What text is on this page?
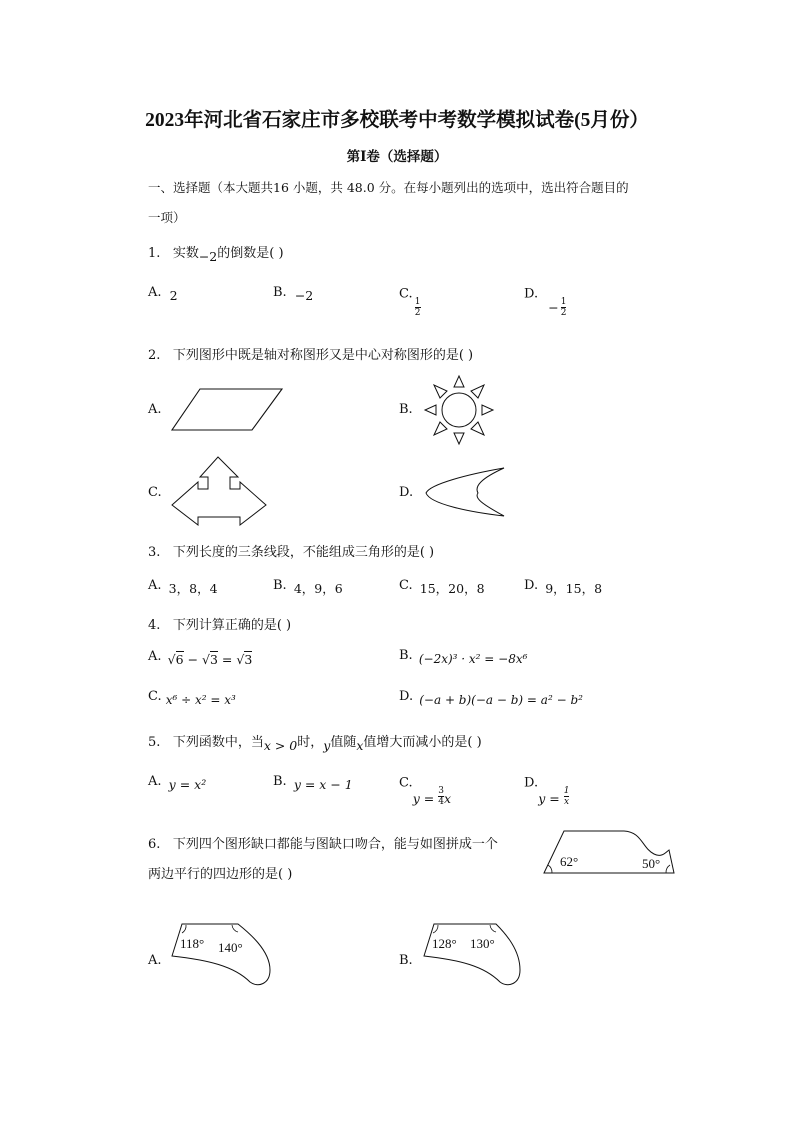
2023年河北省石家庄市多校联考中考数学模拟试卷(5月份）
第I卷（选择题）
一、选择题（本大题共16 小题，共 48.0 分。在每小题列出的选项中，选出符合题目的
一项）
1. 实数−2的倒数是( )
A. 2	B. −2	C.
$\frac{1}{2}$
D. − $\frac{1}{2}$
2. 下列图形中既是轴对称图形又是中心对称图形的是( )
A.	B.
C.	D.
3. 下列长度的三条线段，不能组成三角形的是( )
A. 3，8，4	B. 4，9，6	C. 15，20，8	D. 9，15，8
4. 下列计算正确的是( )
A. √6 − √3 = √3	B. (−2x)³ · x² = −8x⁶
C. x⁶ ÷ x² = x³	D. (−a + b)(−a − b) = a² − b²
5. 下列函数中，当x > 0时，y值随x值增大而减小的是( )
A. y = x²	B. y = x − 1	C. $y = \frac{3}{4}$ x
D. $y = \frac{1}{x}$
6. 下列四个图形缺口都能与图缺口吻合，能与如图拼成一个
两边平行的四边形的是( )
62°	50°
A.
118° 140°
B.
128° 130°
